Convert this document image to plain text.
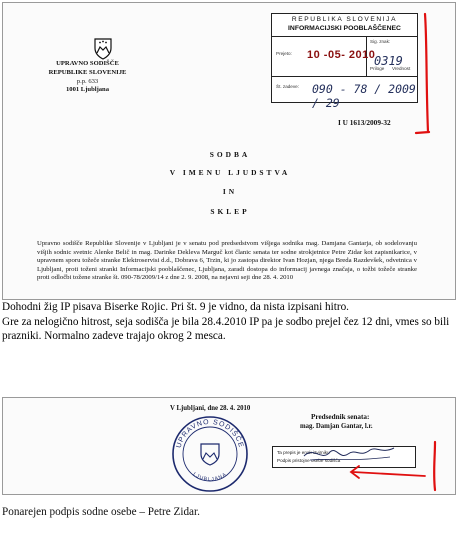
UPRAVNO SODIŠČE
REPUBLIKE SLOVENIJE
p.p. 633
1001 Ljubljana
REPUBLIKA SLOVENIJA
INFORMACIJSKI POOBLAŠČENEC
Prejeto: 10 -05- 2010
Sig. znak:
0319
Priloge Vrednost
Št. zadeve: 090 - 78 / 2009 / 29
I U 1613/2009-32
SODBA
V IMENU LJUDSTVA
IN
SKLEP
Upravno sodišče Republike Slovenije v Ljubljani je v senatu pod predsedstvom višjega sodnika mag. Damjana Gantarja, ob sodelovanju višjih sodnic svetnic Alenke Belič in mag. Darinke Dekleva Marguč kot članic senata ter sodne strokjetnice Petre Zidar kot zapisnikarice, v upravnem sporu tožeče stranke Elektroservisi d.d., Dobrava 6, Trzin, ki jo zastopa direktor Ivan Hozjan, njega Breda Razdevšek, odvetnica v Ljubljani, proti toženi stranki Informacijski pooblaščenec, Ljubljana, zaradi dostopa do informacij javnega značaja, o tožbi tožeče stranke proti odločbi tožene stranke št. 090-78/2009/14 z dne 2. 9. 2008, na nejavni seji dne 28. 4. 2010
Dohodni žig IP pisava Biserke Rojic. Pri št. 9 je vidno, da nista izpisani hitro.
Gre za nelogično hitrost, seja sodišča je bila 28.4.2010 IP pa je sodbo prejel čez 12 dni, vmes so bili prazniki. Normalno zadeve trajajo okrog 2 mesca.
V Ljubljani, dne 28. 4. 2010
Predsednik senata:
mag. Damjan Gantar, l.r.
UPRAVNO SODIŠČE
LJUBLJANA
Ta prepis je enak izvirniku
Podpis pristojne osebe sodišča
Ponarejen podpis sodne osebe – Petre Zidar.
